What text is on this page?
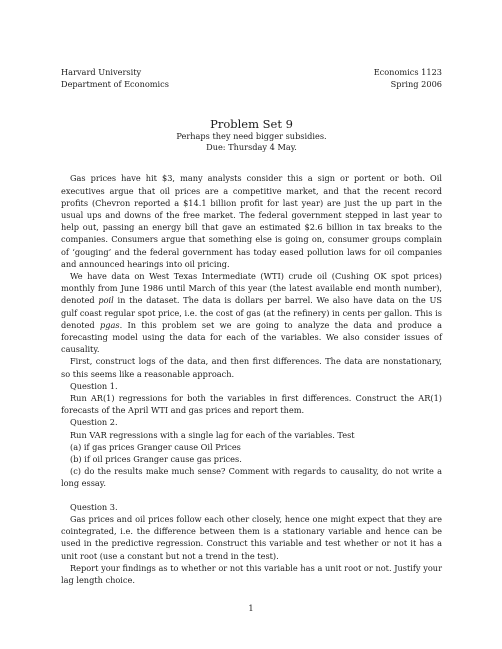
Harvard University
Department of Economics
Economics 1123
Spring 2006
Problem Set 9
Perhaps they need bigger subsidies.
Due: Thursday 4 May.

Gas prices have hit $3, many analysts consider this a sign or portent or both. Oil executives argue that oil prices are a competitive market, and that the recent record profits (Chevron reported a $14.1 billion profit for last year) are just the up part in the usual ups and downs of the free market. The federal government stepped in last year to help out, passing an energy bill that gave an estimated $2.6 billion in tax breaks to the companies. Consumers argue that something else is going on, consumer groups complain of ‘gouging’ and the federal government has today eased pollution laws for oil companies and announced hearings into oil pricing.

We have data on West Texas Intermediate (WTI) crude oil (Cushing OK spot prices) monthly from June 1986 until March of this year (the latest available end month number), denoted poil in the dataset. The data is dollars per barrel. We also have data on the US gulf coast regular spot price, i.e. the cost of gas (at the refinery) in cents per gallon. This is denoted pgas. In this problem set we are going to analyze the data and produce a forecasting model using the data for each of the variables. We also consider issues of causality.

First, construct logs of the data, and then first differences. The data are nonstationary, so this seems like a reasonable approach.

Question 1.

Run AR(1) regressions for both the variables in first differences. Construct the AR(1) forecasts of the April WTI and gas prices and report them.

Question 2.

Run VAR regressions with a single lag for each of the variables. Test

(a) if gas prices Granger cause Oil Prices

(b) if oil prices Granger cause gas prices.

(c) do the results make much sense? Comment with regards to causality, do not write a long essay.

Question 3.

Gas prices and oil prices follow each other closely, hence one might expect that they are cointegrated, i.e. the difference between them is a stationary variable and hence can be used in the predictive regression. Construct this variable and test whether or not it has a unit root (use a constant but not a trend in the test).

Report your findings as to whether or not this variable has a unit root or not. Justify your lag length choice.

1
